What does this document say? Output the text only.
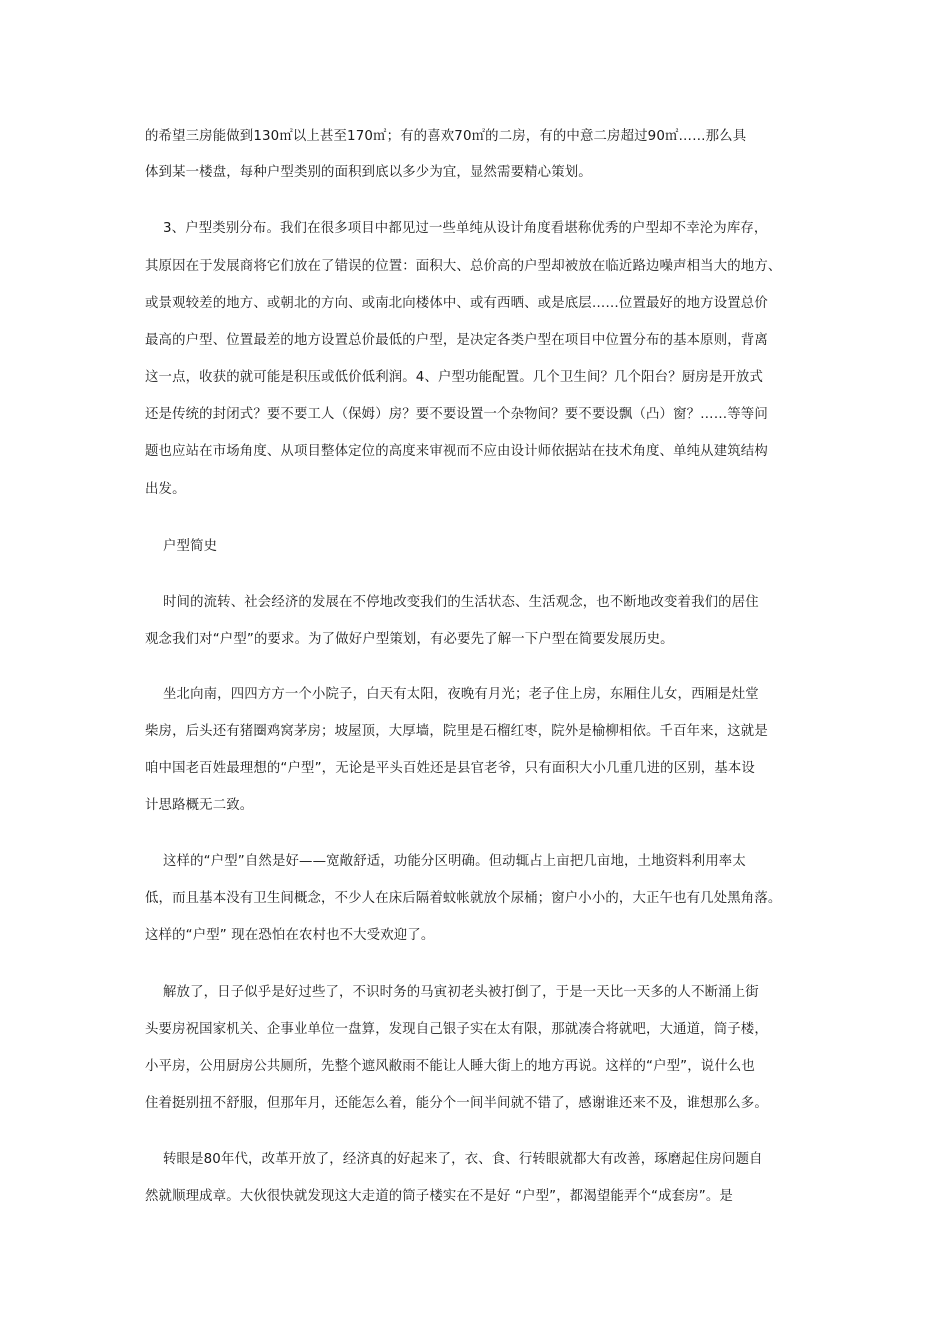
的希望三房能做到130㎡以上甚至170㎡；有的喜欢70㎡的二房，有的中意二房超过90㎡……那么具
体到某一楼盘，每种户型类别的面积到底以多少为宜，显然需要精心策划。
3、户型类别分布。我们在很多项目中都见过一些单纯从设计角度看堪称优秀的户型却不幸沦为库存，
其原因在于发展商将它们放在了错误的位置：面积大、总价高的户型却被放在临近路边噪声相当大的地方、
或景观较差的地方、或朝北的方向、或南北向楼体中、或有西晒、或是底层……位置最好的地方设置总价
最高的户型、位置最差的地方设置总价最低的户型，是决定各类户型在项目中位置分布的基本原则，背离
这一点，收获的就可能是积压或低价低利润。4、户型功能配置。几个卫生间？几个阳台？厨房是开放式
还是传统的封闭式？要不要工人（保姆）房？要不要设置一个杂物间？要不要设飘（凸）窗？……等等问
题也应站在市场角度、从项目整体定位的高度来审视而不应由设计师依据站在技术角度、单纯从建筑结构
出发。
户型简史
时间的流转、社会经济的发展在不停地改变我们的生活状态、生活观念，也不断地改变着我们的居住
观念我们对“户型”的要求。为了做好户型策划，有必要先了解一下户型在简要发展历史。
坐北向南，四四方方一个小院子，白天有太阳，夜晚有月光；老子住上房，东厢住儿女，西厢是灶堂
柴房，后头还有猪圈鸡窝茅房；坡屋顶，大厚墙，院里是石榴红枣，院外是榆柳相依。千百年来，这就是
咱中国老百姓最理想的“户型”，无论是平头百姓还是县官老爷，只有面积大小几重几进的区别，基本设
计思路概无二致。
这样的“户型”自然是好——宽敞舒适，功能分区明确。但动辄占上亩把几亩地，土地资料利用率太
低，而且基本没有卫生间概念，不少人在床后隔着蚊帐就放个尿桶；窗户小小的，大正午也有几处黑角落。
这样的“户型” 现在恐怕在农村也不大受欢迎了。
解放了，日子似乎是好过些了，不识时务的马寅初老头被打倒了，于是一天比一天多的人不断涌上街
头要房祝国家机关、企事业单位一盘算，发现自己银子实在太有限，那就凑合将就吧，大通道，筒子楼，
小平房，公用厨房公共厕所，先整个遮风敝雨不能让人睡大街上的地方再说。这样的“户型”，说什么也
住着挺别扭不舒服，但那年月，还能怎么着，能分个一间半间就不错了，感谢谁还来不及，谁想那么多。
转眼是80年代，改革开放了，经济真的好起来了，衣、食、行转眼就都大有改善，琢磨起住房问题自
然就顺理成章。大伙很快就发现这大走道的筒子楼实在不是好 “户型”，都渴望能弄个“成套房”。是
